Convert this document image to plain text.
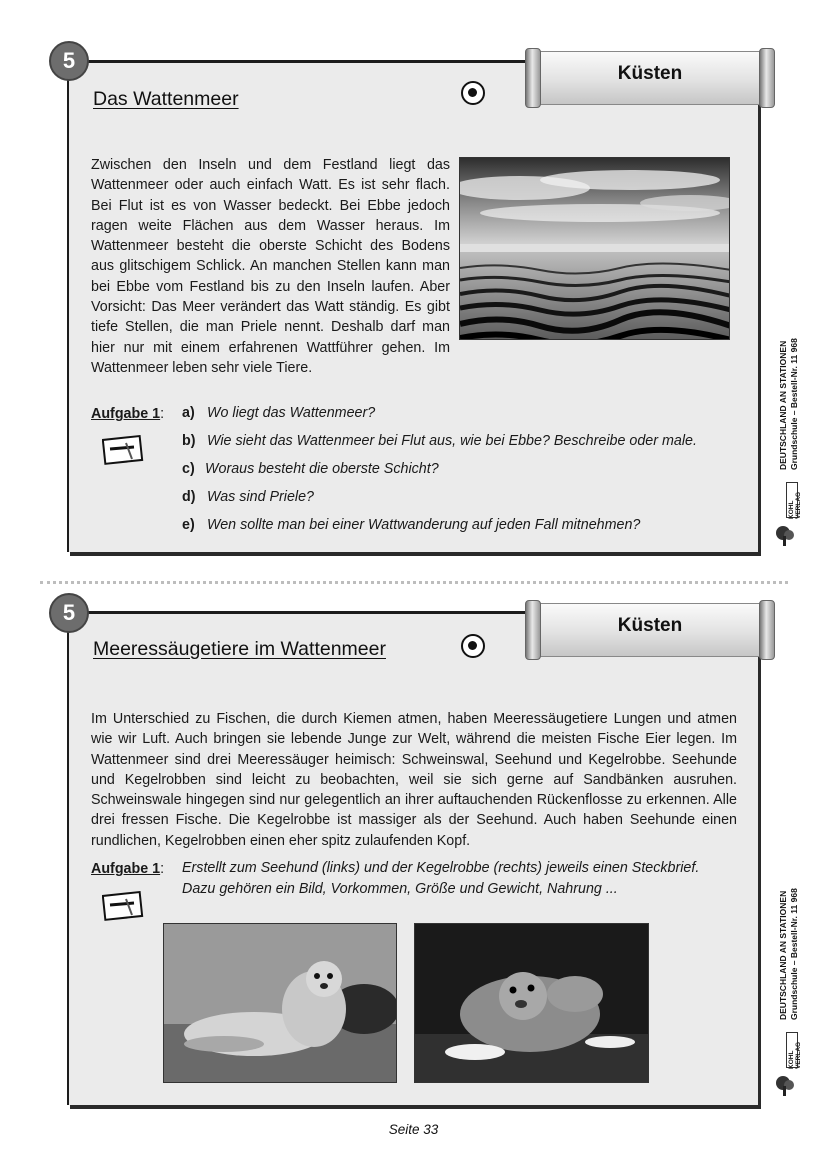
Das Wattenmeer
Zwischen den Inseln und dem Festland liegt das Wattenmeer oder auch einfach Watt. Es ist sehr flach. Bei Flut ist es von Wasser bedeckt. Bei Ebbe jedoch ragen weite Flächen aus dem Wasser heraus. Im Wattenmeer besteht die oberste Schicht des Bodens aus glitschigem Schlick. An manchen Stellen kann man bei Ebbe vom Festland bis zu den Inseln laufen. Aber Vorsicht: Das Meer verändert das Watt ständig. Es gibt tiefe Stellen, die man Priele nennt. Deshalb darf man hier nur mit einem erfahrenen Wattführer gehen. Im Wattenmeer leben sehr viele Tiere.
Aufgabe 1: a) Wo liegt das Wattenmeer?
b) Wie sieht das Wattenmeer bei Flut aus, wie bei Ebbe? Beschreibe oder male.
c) Woraus besteht die oberste Schicht?
d) Was sind Priele?
e) Wen sollte man bei einer Wattwanderung auf jeden Fall mitnehmen?
5
Küsten
DEUTSCHLAND AN STATIONEN Grundschule – Bestell-Nr. 11 968
KOHL VERLAG
Meeressäugetiere im Wattenmeer
Im Unterschied zu Fischen, die durch Kiemen atmen, haben Meeressäugetiere Lungen und atmen wie wir Luft. Auch bringen sie lebende Junge zur Welt, während die meisten Fische Eier legen. Im Wattenmeer sind drei Meeressäuger heimisch: Schweinswal, Seehund und Kegelrobbe. Seehunde und Kegelrobben sind leicht zu beobachten, weil sie sich gerne auf Sandbänken ausruhen. Schweinswale hingegen sind nur gelegentlich an ihrer auftauchenden Rückenflosse zu erkennen. Alle drei fressen Fische. Die Kegelrobbe ist massiger als der Seehund. Auch haben Seehunde einen rundlichen, Kegelrobben einen eher spitz zulaufenden Kopf.
Aufgabe 1: Erstellt zum Seehund (links) und der Kegelrobbe (rechts) jeweils einen Steckbrief.
Dazu gehören ein Bild, Vorkommen, Größe und Gewicht, Nahrung ...
5
Küsten
DEUTSCHLAND AN STATIONEN Grundschule – Bestell-Nr. 11 968
KOHL VERLAG
Seite 33
